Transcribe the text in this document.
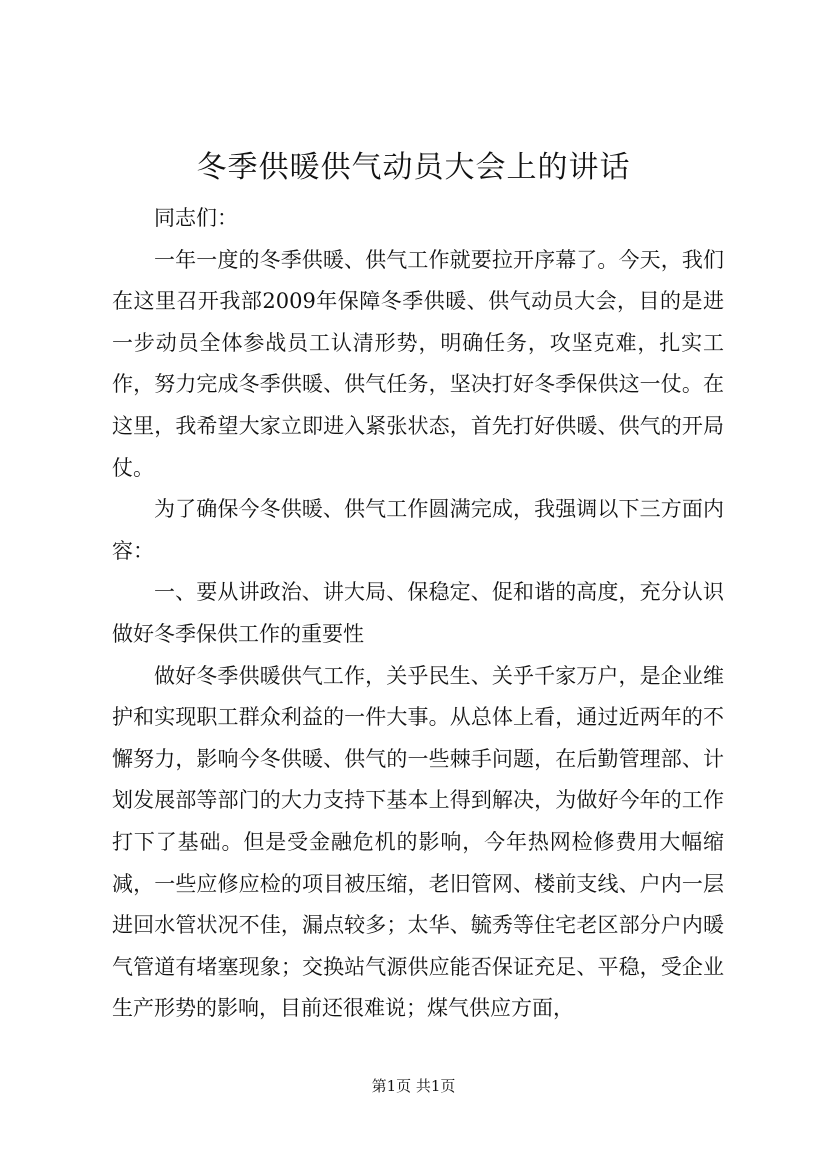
冬季供暖供气动员大会上的讲话

同志们：

一年一度的冬季供暖、供气工作就要拉开序幕了。今天，我们在这里召开我部2009年保障冬季供暖、供气动员大会，目的是进一步动员全体参战员工认清形势，明确任务，攻坚克难，扎实工作，努力完成冬季供暖、供气任务，坚决打好冬季保供这一仗。在这里，我希望大家立即进入紧张状态，首先打好供暖、供气的开局仗。

为了确保今冬供暖、供气工作圆满完成，我强调以下三方面内容：

一、要从讲政治、讲大局、保稳定、促和谐的高度，充分认识做好冬季保供工作的重要性

做好冬季供暖供气工作，关乎民生、关乎千家万户，是企业维护和实现职工群众利益的一件大事。从总体上看，通过近两年的不懈努力，影响今冬供暖、供气的一些棘手问题，在后勤管理部、计划发展部等部门的大力支持下基本上得到解决，为做好今年的工作打下了基础。但是受金融危机的影响，今年热网检修费用大幅缩减，一些应修应检的项目被压缩，老旧管网、楼前支线、户内一层进回水管状况不佳，漏点较多；太华、毓秀等住宅老区部分户内暖气管道有堵塞现象；交换站气源供应能否保证充足、平稳，受企业生产形势的影响，目前还很难说；煤气供应方面，

第1页 共1页
